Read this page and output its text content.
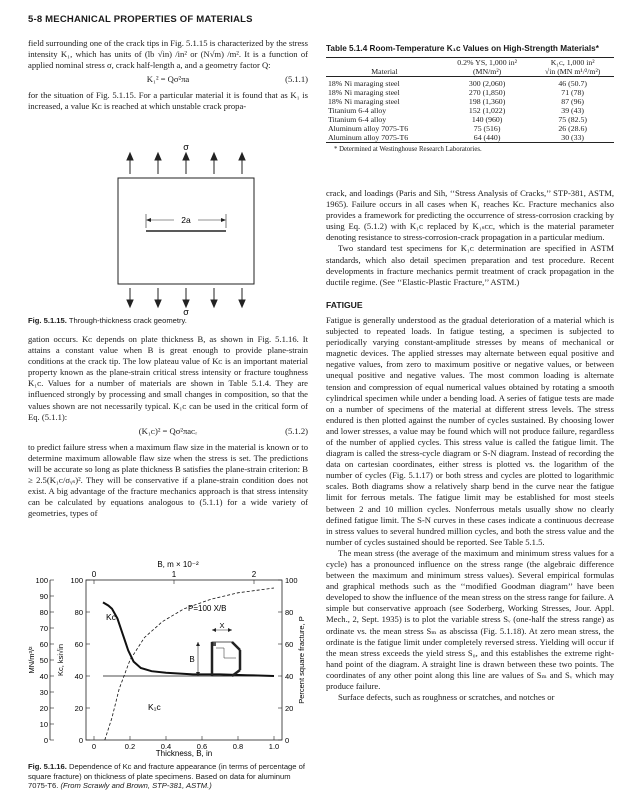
5-8 MECHANICAL PROPERTIES OF MATERIALS

field surrounding one of the crack tips in Fig. 5.1.15 is characterized by the stress intensity K₁, which has units of (lb √in) /in² or (N√m) /m². It is a function of applied nominal stress σ, crack half-length a, and a geometry factor Q:

K₁² = Qσ²πa	(5.1.1)

for the situation of Fig. 5.1.15. For a particular material it is found that as K₁ is increased, a value Kᴄ is reached at which unstable crack propa-

σ
2a
σ
Fig. 5.1.15. Through-thickness crack geometry.

gation occurs. Kᴄ depends on plate thickness B, as shown in Fig. 5.1.16. It attains a constant value when B is great enough to provide plane-strain conditions at the crack tip. The low plateau value of Kᴄ is an important material property known as the plane-strain critical stress intensity or fracture toughness K₁ᴄ. Values for a number of materials are shown in Table 5.1.4. They are influenced strongly by processing and small changes in composition, so that the values shown are not necessarily typical. K₁ᴄ can be used in the critical form of Eq. (5.1.1):

(K₁ᴄ)² = Qσ²πaᴄᵣ	(5.1.2)

to predict failure stress when a maximum flaw size in the material is known or to determine maximum allowable flaw size when the stress is set. The predictions will be accurate so long as plate thickness B satisfies the plane-strain criterion: B ≥ 2.5(K₁ᴄ/σᵧₛ)². They will be conservative if a plane-strain condition does not exist. A big advantage of the fracture mechanics approach is that stress intensity can be calculated by equations analogous to (5.1.1) for a wide variety of geometries, types of

B, m × 10⁻²
0	1	2
0
10
20
30
40
50
60
70
80
90
100
MN/m³/²
0
20
40
60
80
100
Kᴄ, ksi√in
0
20
40
60
80
100
Percent square fracture, P
0	0.2	0.4	0.6	0.8	1.0
Thickness, B, in
Kᴄ
K₁ᴄ
P=100 X/B
X
B
Fig. 5.1.16. Dependence of Kᴄ and fracture appearance (in terms of percentage of square fracture) on thickness of plate specimens. Based on data for aluminum 7075-T6. (From Scrawly and Brown, STP-381, ASTM.)
Table 5.1.4 Room-Temperature K₁ᴄ Values on High-Strength Materials*
	0.2% YS, 1,000 in²	K₁ᴄ, 1,000 in²
Material	(MN/m²)	√in (MN m¹/²/m²)

18% Ni maraging steel	300 (2,060)	46 (50.7)
18% Ni maraging steel	270 (1,850)	71 (78)
18% Ni maraging steel	198 (1,360)	87 (96)
Titanium 6-4 alloy	152 (1,022)	39 (43)
Titanium 6-4 alloy	140 (960)	75 (82.5)
Aluminum alloy 7075-T6	75 (516)	26 (28.6)
Aluminum alloy 7075-T6	64 (440)	30 (33)

* Determined at Westinghouse Research Laboratories.

crack, and loadings (Paris and Sih, ‘‘Stress Analysis of Cracks,’’ STP-381, ASTM, 1965). Failure occurs in all cases when K₁ reaches Kᴄ. Fracture mechanics also provides a framework for predicting the occurrence of stress-corrosion cracking by using Eq. (5.1.2) with K₁ᴄ replaced by K₁ₛᴄᴄ, which is the material parameter denoting resistance to stress-corrosion-crack propagation in a particular medium.

Two standard test specimens for K₁ᴄ determination are specified in ASTM standards, which also detail specimen preparation and test procedure. Recent developments in fracture mechanics permit treatment of crack propagation in the ductile regime. (See ‘‘Elastic-Plastic Fracture,’’ ASTM.)

FATIGUE

Fatigue is generally understood as the gradual deterioration of a material which is subjected to repeated loads. In fatigue testing, a specimen is subjected to periodically varying constant-amplitude stresses by means of mechanical or magnetic devices. The applied stresses may alternate between equal positive and negative values, from zero to maximum positive or negative values, or between unequal positive and negative values. The most common loading is alternate tension and compression of equal numerical values obtained by rotating a smooth cylindrical specimen while under a bending load. A series of fatigue tests are made on a number of specimens of the material at different stress levels. The stress endured is then plotted against the number of cycles sustained. By choosing lower and lower stresses, a value may be found which will not produce failure, regardless of the number of applied cycles. This stress value is called the fatigue limit. The diagram is called the stress-cycle diagram or S-N diagram. Instead of recording the data on cartesian coordinates, either stress is plotted vs. the logarithm of the number of cycles (Fig. 5.1.17) or both stress and cycles are plotted to logarithmic scales. Both diagrams show a relatively sharp bend in the curve near the fatigue limit for ferrous metals. The fatigue limit may be established for most steels between 2 and 10 million cycles. Nonferrous metals usually show no clearly defined fatigue limit. The S-N curves in these cases indicate a continuous decrease in stress values to several hundred million cycles, and both the stress value and the number of cycles sustained should be reported. See Table 5.1.5.

The mean stress (the average of the maximum and minimum stress values for a cycle) has a pronounced influence on the stress range (the algebraic difference between the maximum and minimum stress values). Several empirical formulas and graphical methods such as the ‘‘modified Goodman diagram’’ have been developed to show the influence of the mean stress on the stress range for failure. A simple but conservative approach (see Soderberg, Working Stresses, Jour. Appl. Mech., 2, Sept. 1935) is to plot the variable stress Sᵥ (one-half the stress range) as ordinate vs. the mean stress Sₘ as abscissa (Fig. 5.1.18). At zero mean stress, the ordinate is the fatigue limit under completely reversed stress. Yielding will occur if the mean stress exceeds the yield stress S₀, and this establishes the extreme right-hand point of the diagram. A straight line is drawn between these two points. The coordinates of any other point along this line are values of Sₘ and Sᵥ which may produce failure.

Surface defects, such as roughness or scratches, and notches or
